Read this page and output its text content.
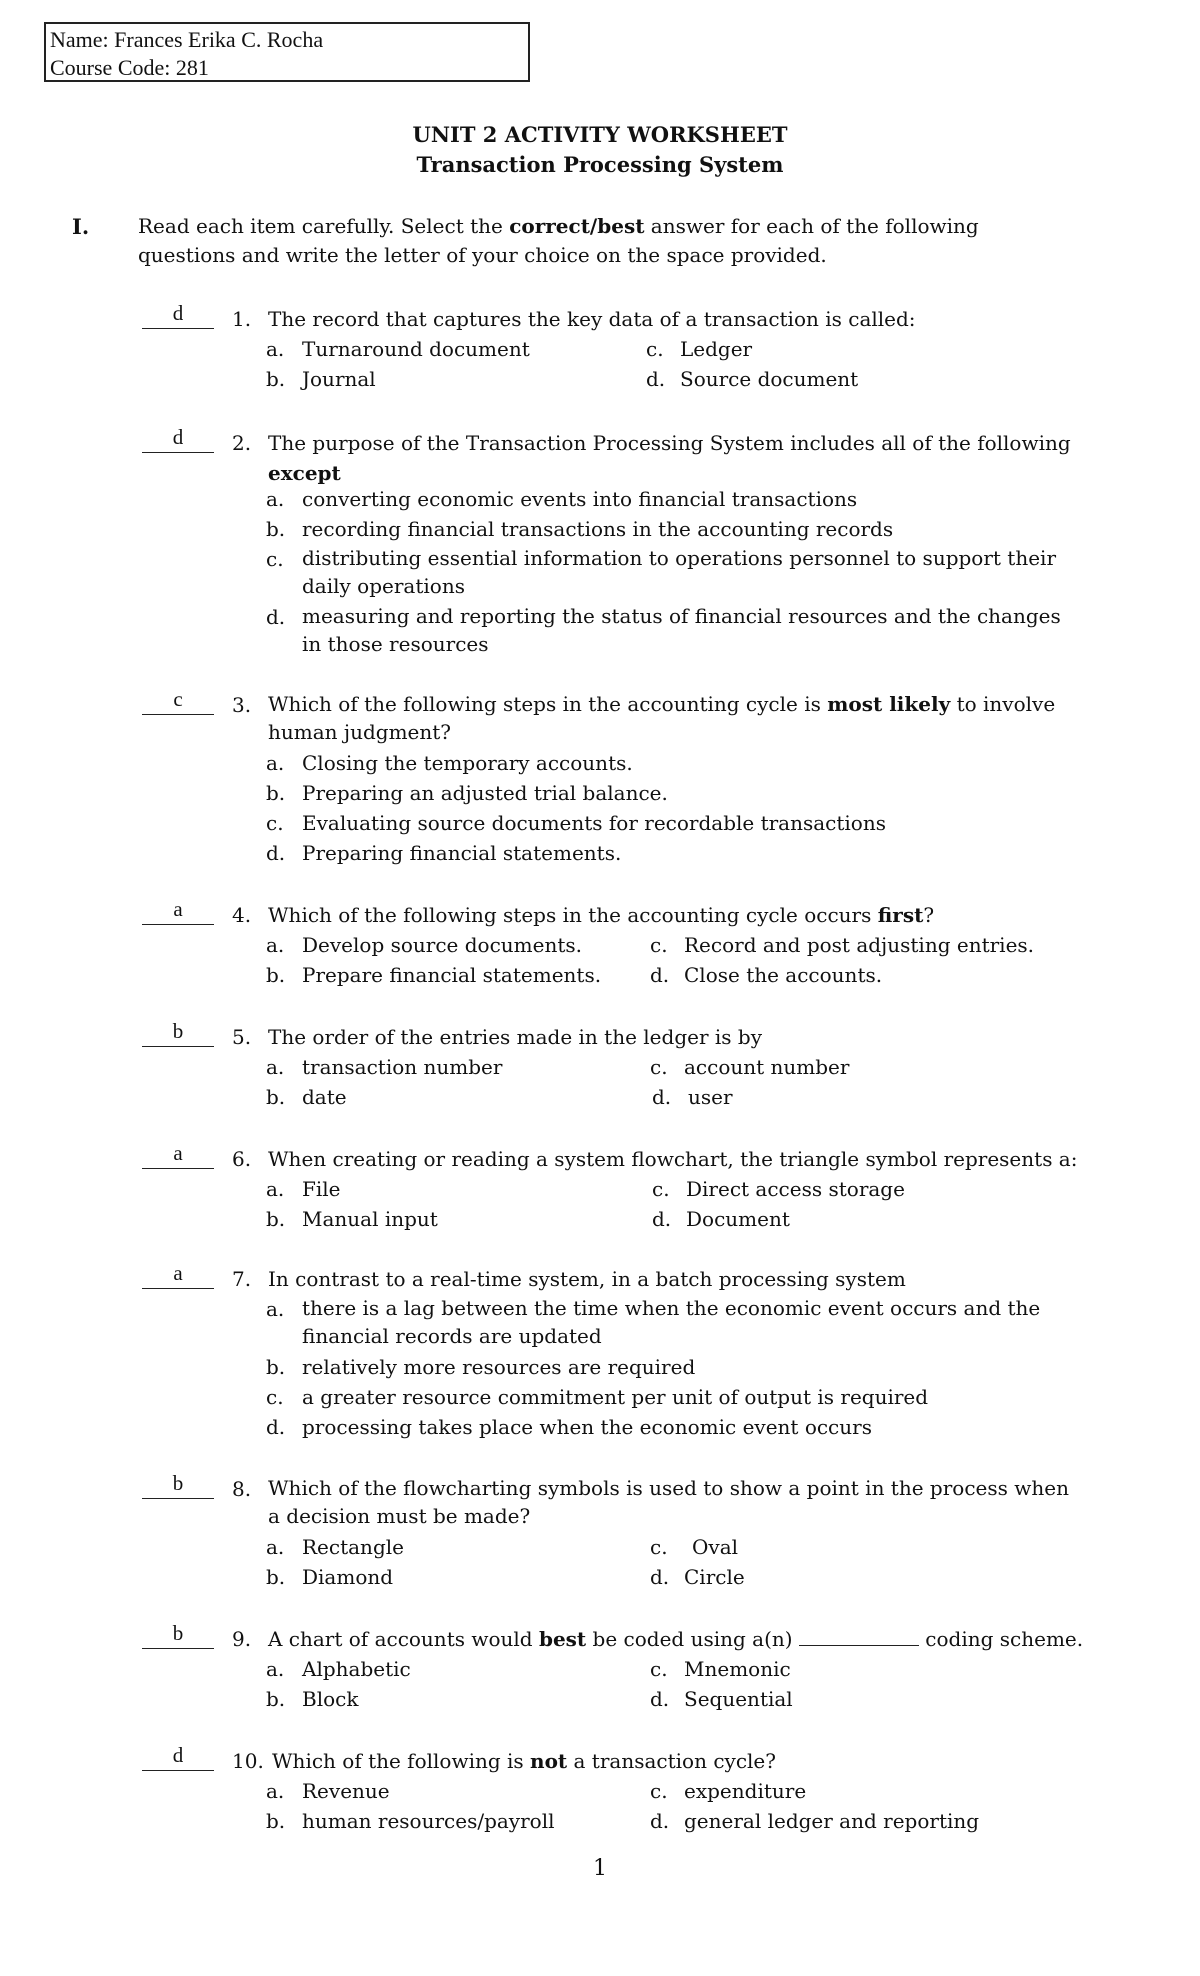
Name: Frances Erika C. Rocha
Course Code: 281
UNIT 2 ACTIVITY WORKSHEET
Transaction Processing System
I. Read each item carefully. Select the correct/best answer for each of the following questions and write the letter of your choice on the space provided.
d	1. The record that captures the key data of a transaction is called:
a. Turnaround document
b. Journal
c. Ledger
d. Source document
d	2. The purpose of the Transaction Processing System includes all of the following except
a. converting economic events into financial transactions
b. recording financial transactions in the accounting records
c. distributing essential information to operations personnel to support their daily operations
d. measuring and reporting the status of financial resources and the changes in those resources
c	3. Which of the following steps in the accounting cycle is most likely to involve human judgment?
a. Closing the temporary accounts.
b. Preparing an adjusted trial balance.
c. Evaluating source documents for recordable transactions
d. Preparing financial statements.
a	4. Which of the following steps in the accounting cycle occurs first?
a. Develop source documents.
b. Prepare financial statements.
c. Record and post adjusting entries.
d. Close the accounts.
b	5. The order of the entries made in the ledger is by
a. transaction number
b. date
c. account number
d. user
a	6. When creating or reading a system flowchart, the triangle symbol represents a:
a. File
b. Manual input
c. Direct access storage
d. Document
a	7. In contrast to a real-time system, in a batch processing system
a. there is a lag between the time when the economic event occurs and the financial records are updated
b. relatively more resources are required
c. a greater resource commitment per unit of output is required
d. processing takes place when the economic event occurs
b	8. Which of the flowcharting symbols is used to show a point in the process when a decision must be made?
a. Rectangle
b. Diamond
c. Oval
d. Circle
b	9. A chart of accounts would best be coded using a(n)	coding scheme.
a. Alphabetic
b. Block
c. Mnemonic
d. Sequential
d	10. Which of the following is not a transaction cycle?
a. Revenue
b. human resources/payroll
c. expenditure
d. general ledger and reporting
1
